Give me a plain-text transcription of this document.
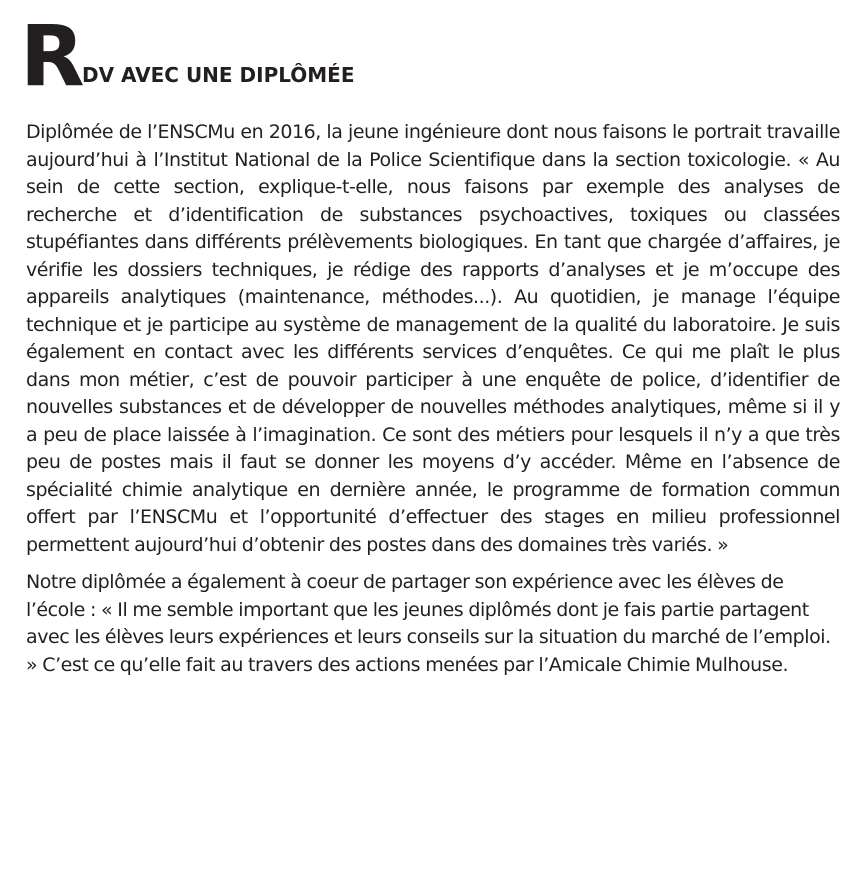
R DV AVEC UNE DIPLÔMÉE

Diplômée de l’ENSCMu en 2016, la jeune ingénieure dont nous faisons le portrait travaille aujourd’hui à l’Institut National de la Police Scientifique dans la section toxicologie. « Au sein de cette section, explique-t-elle, nous faisons par exemple des analyses de recherche et d’identification de substances psychoactives, toxiques ou classées stupéfiantes dans différents prélèvements biologiques. En tant que chargée d’affaires, je vérifie les dossiers techniques, je rédige des rapports d’analyses et je m’occupe des appareils analytiques (maintenance, méthodes...). Au quotidien, je manage l’équipe technique et je participe au système de management de la qualité du laboratoire. Je suis également en contact avec les différents services d’enquêtes. Ce qui me plaît le plus dans mon métier, c’est de pouvoir participer à une enquête de police, d’identifier de nouvelles substances et de développer de nouvelles méthodes analytiques, même si il y a peu de place laissée à l’imagination. Ce sont des métiers pour lesquels il n’y a que très peu de postes mais il faut se donner les moyens d’y accéder. Même en l’absence de spécialité chimie analytique en dernière année, le programme de formation commun offert par l’ENSCMu et l’opportunité d’effectuer des stages en milieu professionnel permettent aujourd’hui d’obtenir des postes dans des domaines très variés. »

Notre diplômée a également à coeur de partager son expérience avec les élèves de l’école : « Il me semble important que les jeunes diplômés dont je fais partie partagent avec les élèves leurs expériences et leurs conseils sur la situation du marché de l’emploi. » C’est ce qu’elle fait au travers des actions menées par l’Amicale Chimie Mulhouse.
